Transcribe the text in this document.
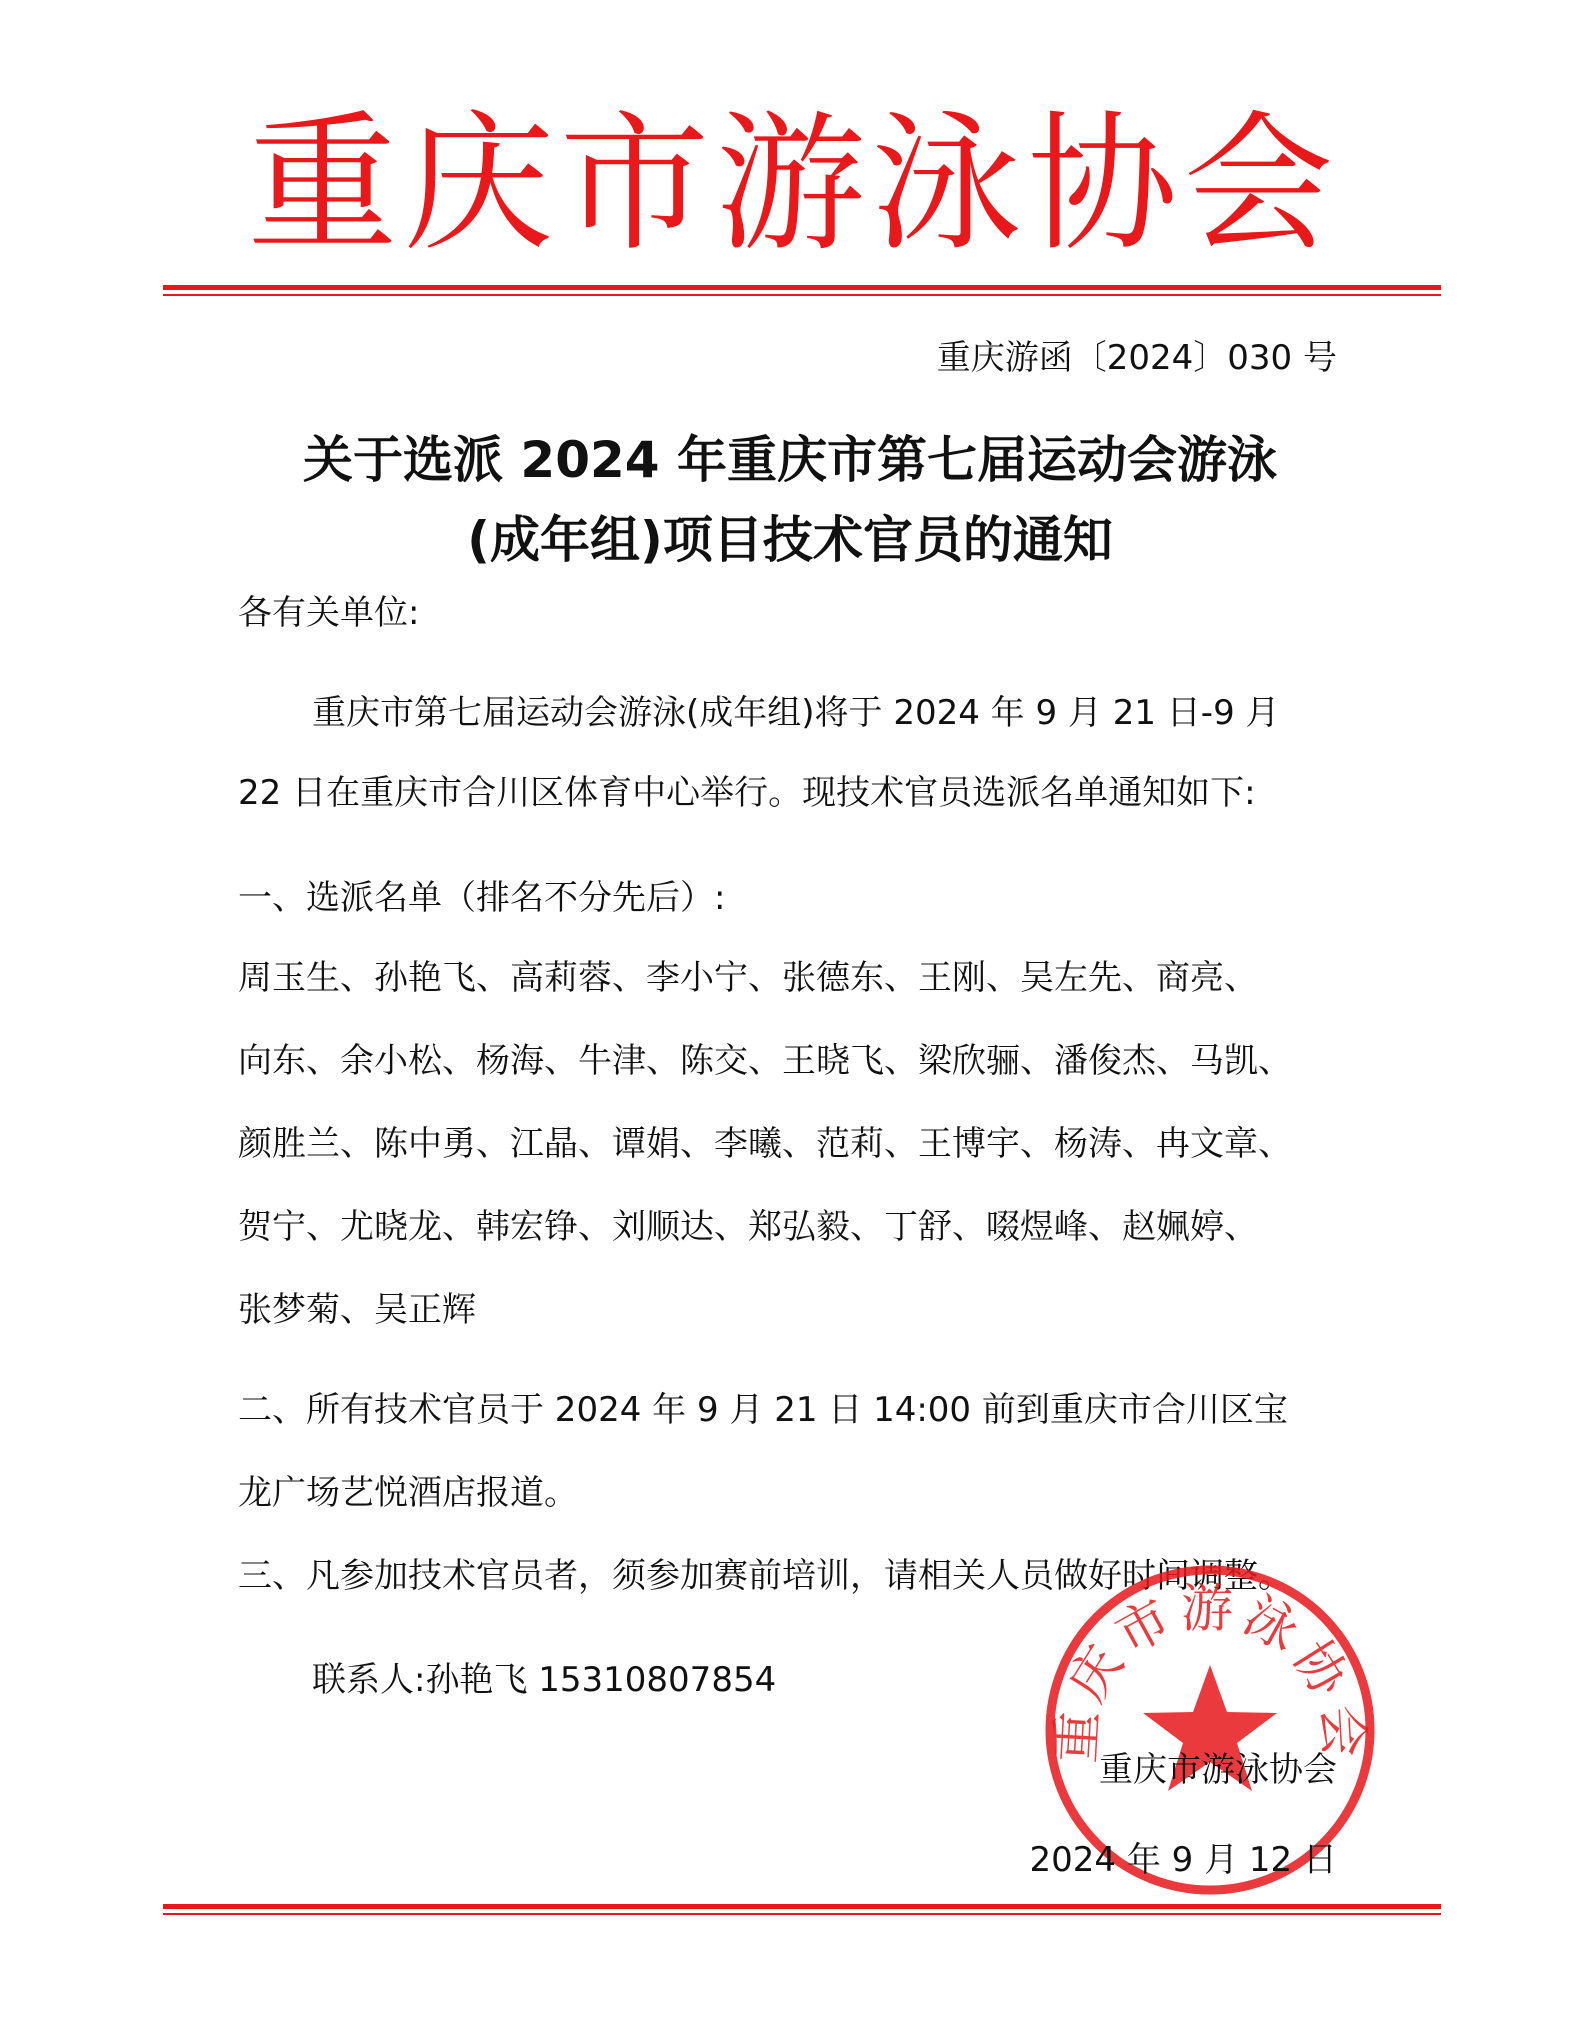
重庆市游泳协会
重庆游函〔2024〕030 号
关于选派 2024 年重庆市第七届运动会游泳
(成年组)项目技术官员的通知
各有关单位:
重庆市第七届运动会游泳(成年组)将于 2024 年 9 月 21 日-9 月
22 日在重庆市合川区体育中心举行。现技术官员选派名单通知如下:
一、选派名单（排名不分先后）:
周玉生、孙艳飞、高莉蓉、李小宁、张德东、王刚、吴左先、商亮、
向东、余小松、杨海、牛津、陈交、王晓飞、梁欣骊、潘俊杰、马凯、
颜胜兰、陈中勇、江晶、谭娟、李曦、范莉、王博宇、杨涛、冉文章、
贺宁、尤晓龙、韩宏铮、刘顺达、郑弘毅、丁舒、啜煜峰、赵姵婷、
张梦菊、吴正辉
二、所有技术官员于 2024 年 9 月 21 日 14:00 前到重庆市合川区宝
龙广场艺悦酒店报道。
三、凡参加技术官员者，须参加赛前培训，请相关人员做好时间调整。
联系人:孙艳飞 15310807854
重庆市游泳协会
重庆市游泳协会
2024 年 9 月 12 日
